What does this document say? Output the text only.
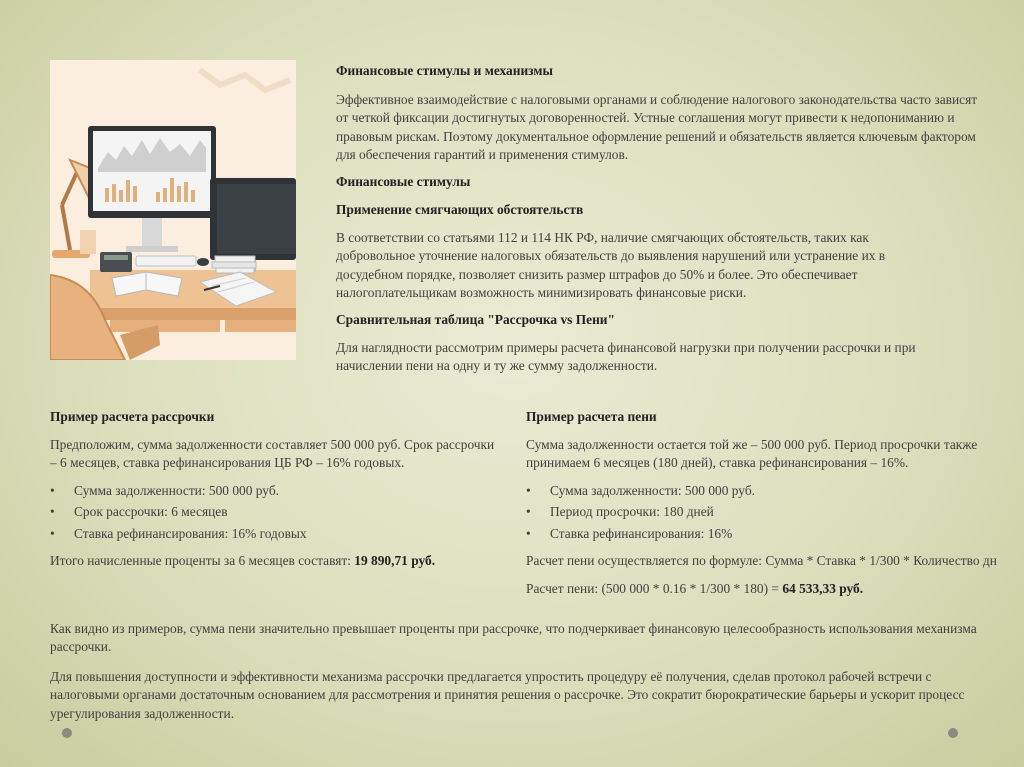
Финансовые стимулы и механизмы

Эффективное взаимодействие с налоговыми органами и соблюдение налогового законодательства часто зависят от четкой фиксации достигнутых договоренностей. Устные соглашения могут привести к недопониманию и правовым рискам. Поэтому документальное оформление решений и обязательств является ключевым фактором для обеспечения гарантий и применения стимулов.

Финансовые стимулы
Применение смягчающих обстоятельств

В соответствии со статьями 112 и 114 НК РФ, наличие смягчающих обстоятельств, таких как добровольное уточнение налоговых обязательств до выявления нарушений или устранение их в досудебном порядке, позволяет снизить размер штрафов до 50% и более. Это обеспечивает налогоплательщикам возможность минимизировать финансовые риски.

Сравнительная таблица "Рассрочка vs Пени"

Для наглядности рассмотрим примеры расчета финансовой нагрузки при получении рассрочки и при начислении пени на одну и ту же сумму задолженности.

Пример расчета рассрочки

Предположим, сумма задолженности составляет 500 000 руб. Срок рассрочки – 6 месяцев, ставка рефинансирования ЦБ РФ – 16% годовых.

• Сумма задолженности: 500 000 руб.

• Срок рассрочки: 6 месяцев

• Ставка рефинансирования: 16% годовых

Итого начисленные проценты за 6 месяцев составят: 19 890,71 руб.

Пример расчета пени

Сумма задолженности остается той же – 500 000 руб. Период просрочки также принимаем 6 месяцев (180 дней), ставка рефинансирования – 16%.

• Сумма задолженности: 500 000 руб.

• Период просрочки: 180 дней

• Ставка рефинансирования: 16%

Расчет пени осуществляется по формуле: Сумма * Ставка * 1/300 * Количество дн

Расчет пени: (500 000 * 0.16 * 1/300 * 180) = 64 533,33 руб.

Как видно из примеров, сумма пени значительно превышает проценты при рассрочке, что подчеркивает финансовую целесообразность использования механизма рассрочки.

Для повышения доступности и эффективности механизма рассрочки предлагается упростить процедуру её получения, сделав протокол рабочей встречи с налоговыми органами достаточным основанием для рассмотрения и принятия решения о рассрочке. Это сократит бюрократические барьеры и ускорит процесс урегулирования задолженности.
